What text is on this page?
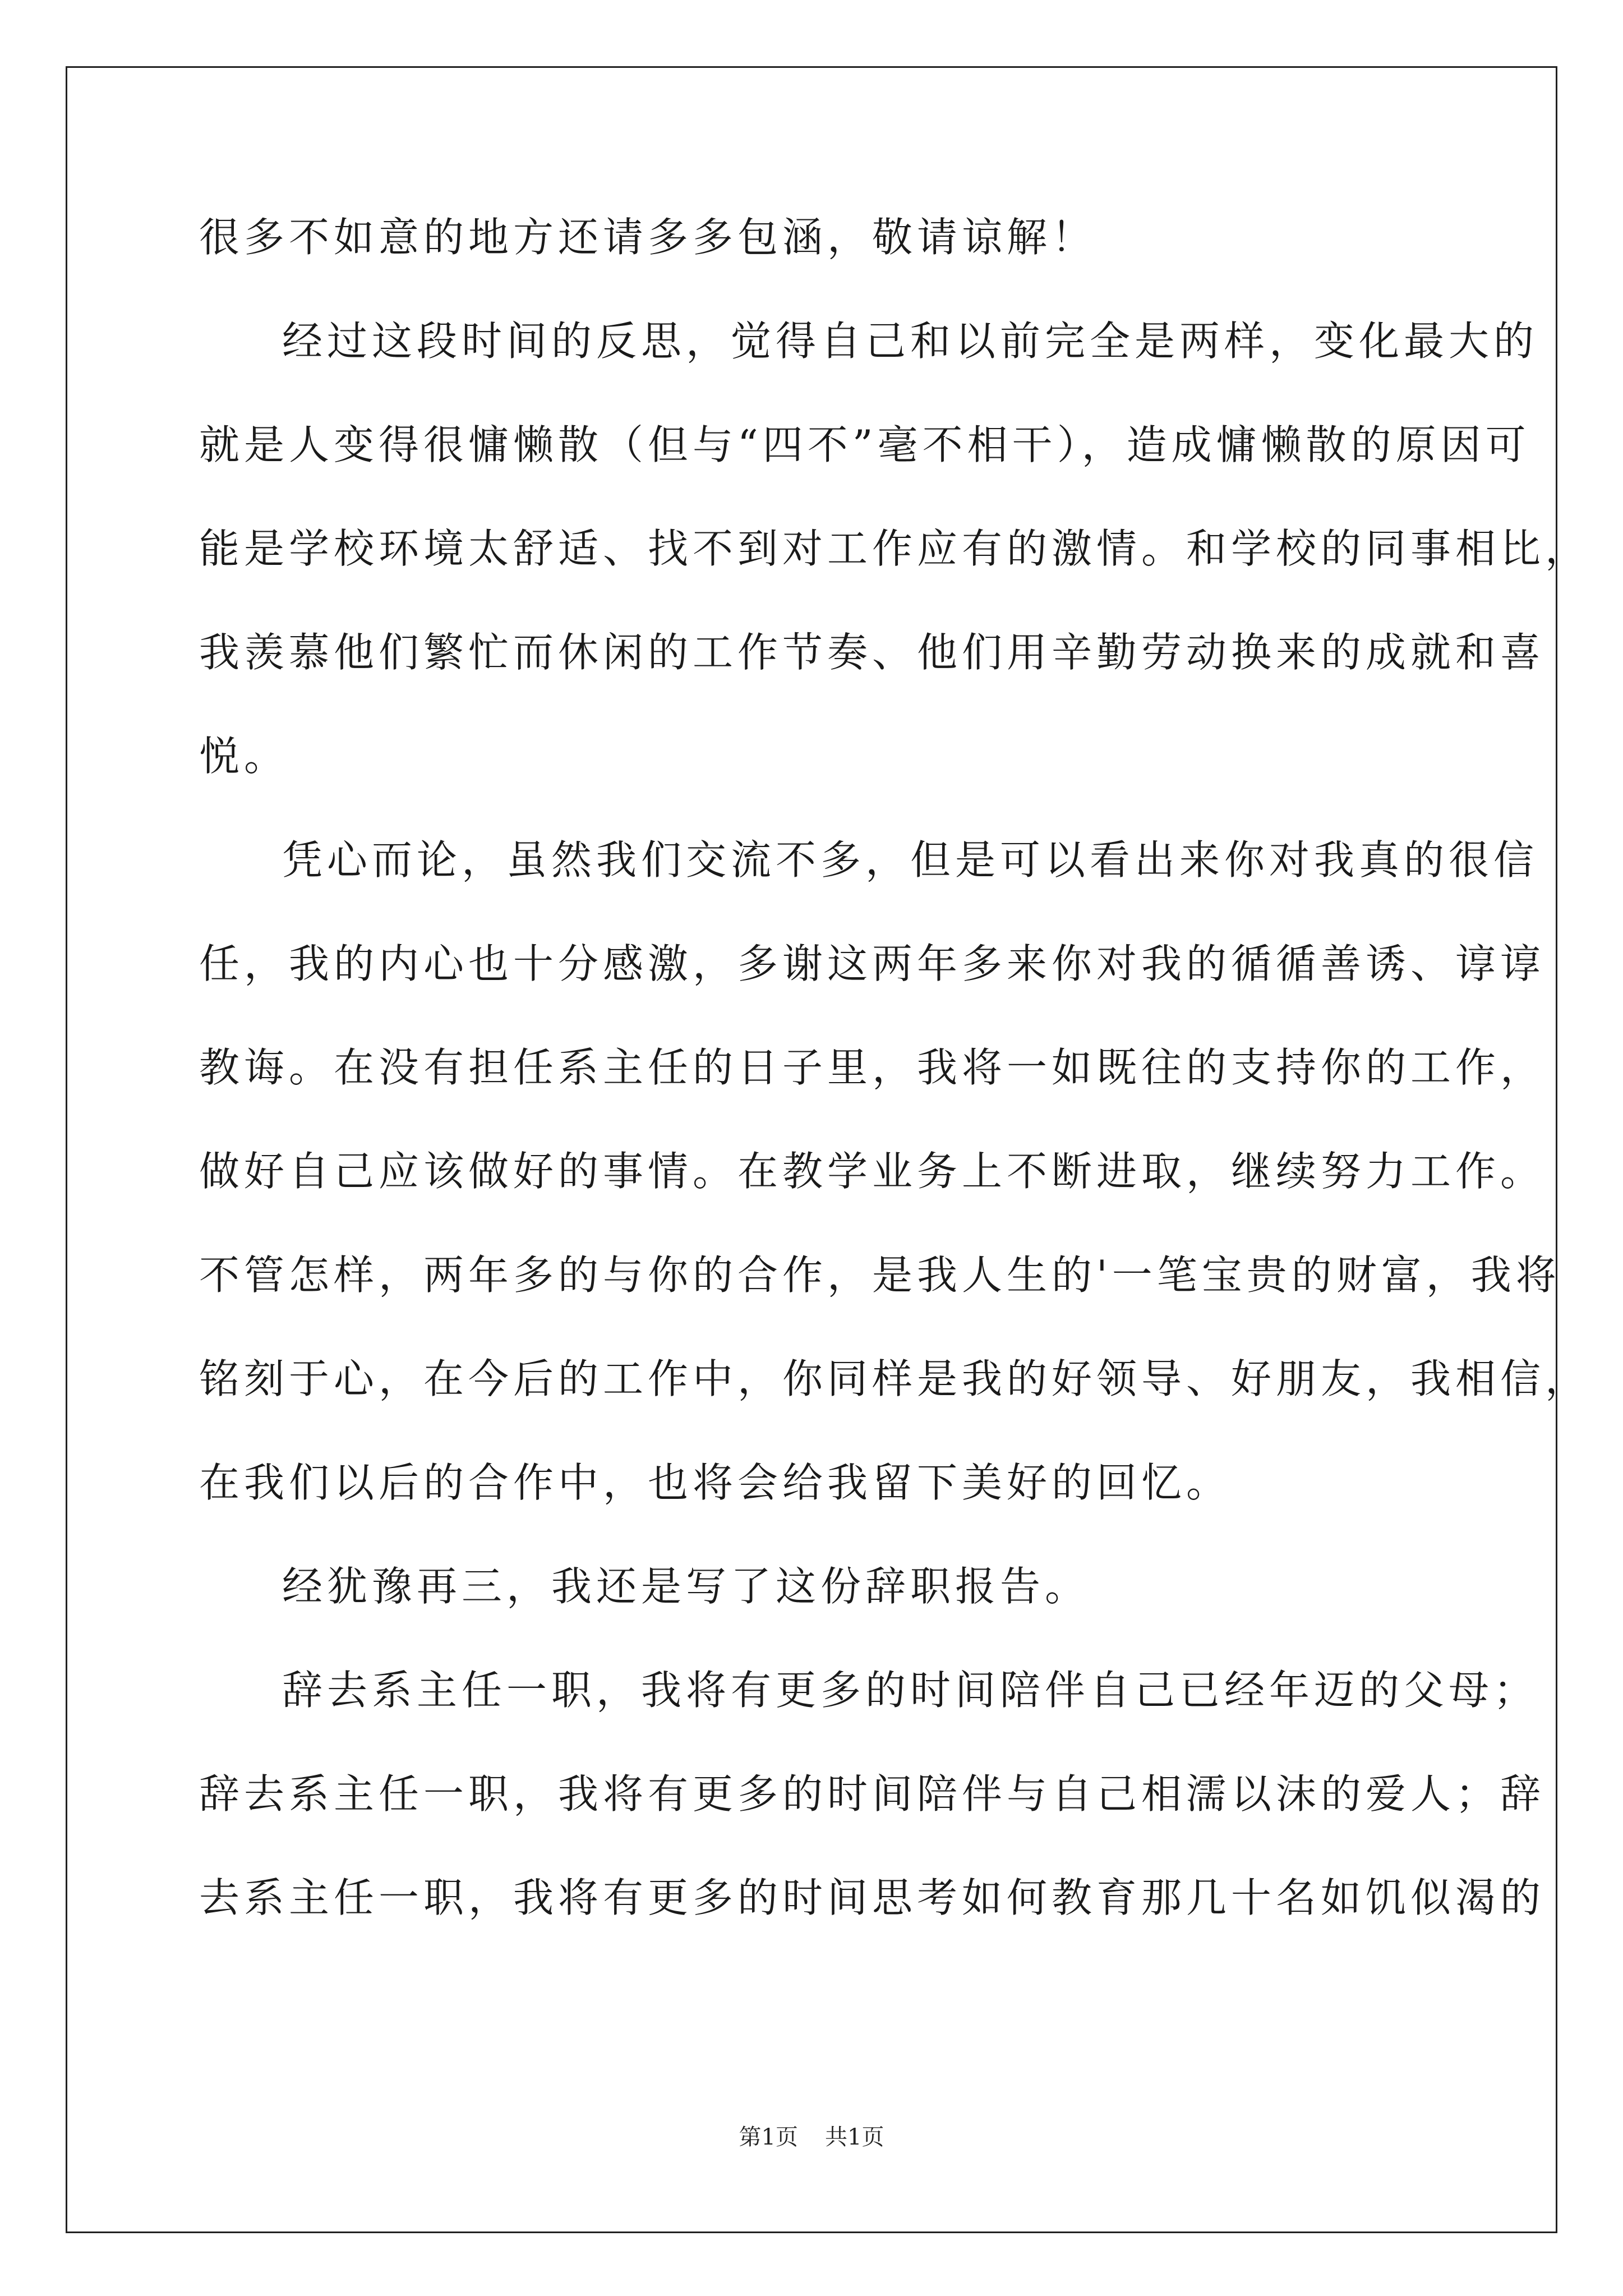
很多不如意的地方还请多多包涵，敬请谅解！
经过这段时间的反思，觉得自己和以前完全是两样，变化最大的
就是人变得很慵懒散（但与“四不”毫不相干），造成慵懒散的原因可
能是学校环境太舒适、找不到对工作应有的激情。和学校的同事相比，
我羡慕他们繁忙而休闲的工作节奏、他们用辛勤劳动换来的成就和喜
悦。
凭心而论，虽然我们交流不多，但是可以看出来你对我真的很信
任，我的内心也十分感激，多谢这两年多来你对我的循循善诱、谆谆
教诲。在没有担任系主任的日子里，我将一如既往的支持你的工作，
做好自己应该做好的事情。在教学业务上不断进取，继续努力工作。
不管怎样，两年多的与你的合作，是我人生的'一笔宝贵的财富，我将
铭刻于心，在今后的工作中，你同样是我的好领导、好朋友，我相信，
在我们以后的合作中，也将会给我留下美好的回忆。
经犹豫再三，我还是写了这份辞职报告。
辞去系主任一职，我将有更多的时间陪伴自己已经年迈的父母；
辞去系主任一职，我将有更多的时间陪伴与自己相濡以沫的爱人；辞
去系主任一职，我将有更多的时间思考如何教育那几十名如饥似渴的
第1页 共1页
